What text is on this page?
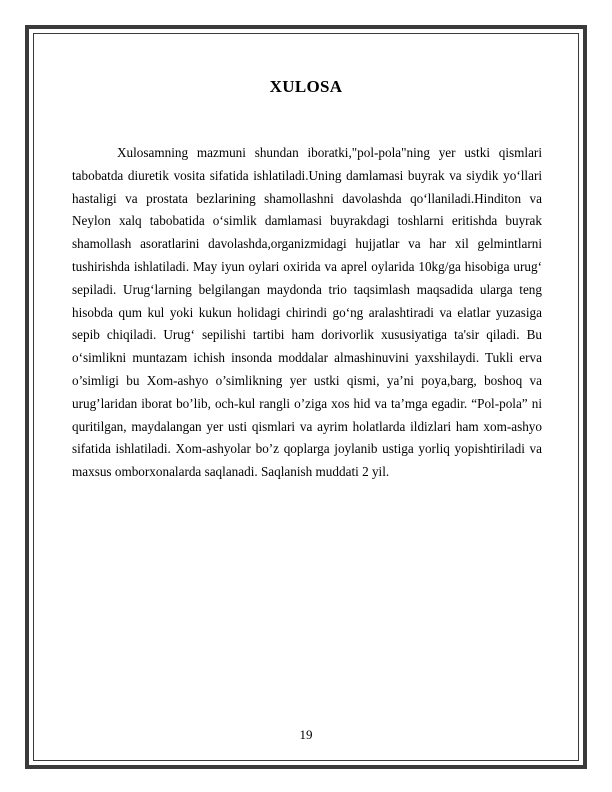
XULOSA

Xulosamning mazmuni shundan iboratki,"pol-pola"ning yer ustki qismlari tabobatda diuretik vosita sifatida ishlatiladi.Uning damlamasi buyrak va siydik yo‘llari hastaligi va prostata bezlarining shamollashni davolashda qo‘llaniladi.Hinditon va Neylon xalq tabobatida o‘simlik damlamasi buyrakdagi toshlarni eritishda buyrak shamollash asoratlarini davolashda,organizmidagi hujjatlar va har xil gelmintlarni tushirishda ishlatiladi. May iyun oylari oxirida va aprel oylarida 10kg/ga hisobiga urug‘ sepiladi. Urug‘larning belgilangan maydonda trio taqsimlash maqsadida ularga teng hisobda qum kul yoki kukun holidagi chirindi go‘ng aralashtiradi va elatlar yuzasiga sepib chiqiladi. Urug‘ sepilishi tartibi ham dorivorlik xususiyatiga ta'sir qiladi. Bu o‘simlikni muntazam ichish insonda moddalar almashinuvini yaxshilaydi. Tukli erva o’simligi bu Xom-ashyo o’simlikning yer ustki qismi, ya’ni poya,barg, boshoq va urug’laridan iborat bo’lib, och-kul rangli o’ziga xos hid va ta’mga egadir. “Pol-pola” ni quritilgan, maydalangan yer usti qismlari va ayrim holatlarda ildizlari ham xom-ashyo sifatida ishlatiladi. Xom-ashyolar bo’z qoplarga joylanib ustiga yorliq yopishtiriladi va maxsus omborxonalarda saqlanadi. Saqlanish muddati 2 yil.

19
